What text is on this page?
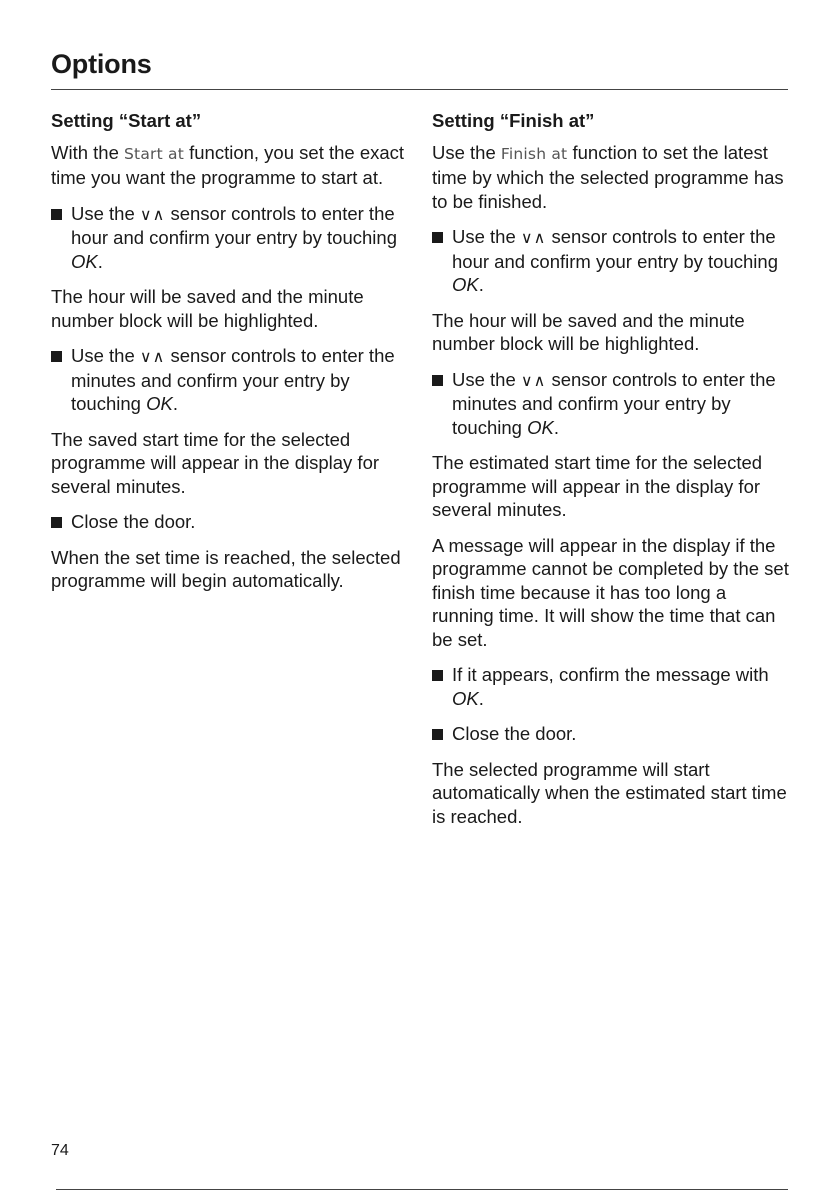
Options

Setting “Start at”

With the Start at function, you set the exact time you want the programme to start at.

Use the ∨∧ sensor controls to enter the hour and confirm your entry by touching OK.

The hour will be saved and the minute number block will be highlighted.

Use the ∨∧ sensor controls to enter the minutes and confirm your entry by touching OK.

The saved start time for the selected programme will appear in the display for several minutes.

Close the door.

When the set time is reached, the selected programme will begin automatically.

Setting “Finish at”

Use the Finish at function to set the latest time by which the selected programme has to be finished.

Use the ∨∧ sensor controls to enter the hour and confirm your entry by touching OK.

The hour will be saved and the minute number block will be highlighted.

Use the ∨∧ sensor controls to enter the minutes and confirm your entry by touching OK.

The estimated start time for the selected programme will appear in the display for several minutes.

A message will appear in the display if the programme cannot be completed by the set finish time because it has too long a running time. It will show the time that can be set.

If it appears, confirm the message with OK.
Close the door.

The selected programme will start automatically when the estimated start time is reached.

74
